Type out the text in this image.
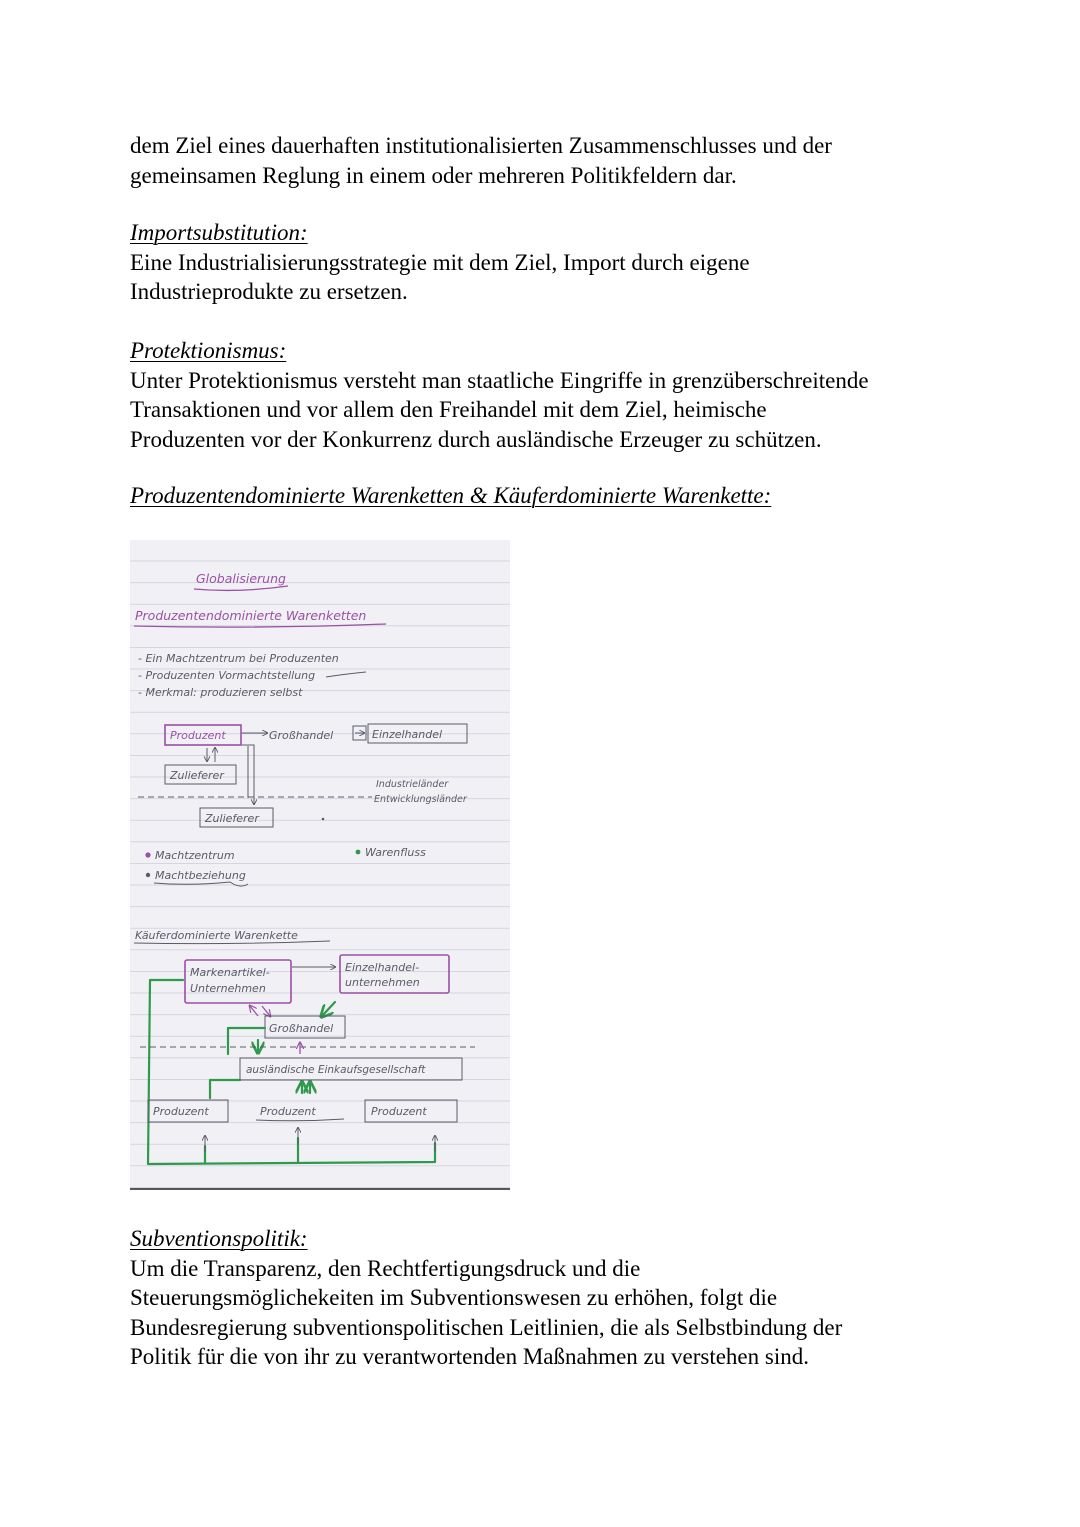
dem Ziel eines dauerhaften institutionalisierten Zusammenschlusses und der
gemeinsamen Reglung in einem oder mehreren Politikfeldern dar.
Importsubstitution:
Eine Industrialisierungsstrategie mit dem Ziel, Import durch eigene
Industrieprodukte zu ersetzen.
Protektionismus:
Unter Protektionismus versteht man staatliche Eingriffe in grenzüberschreitende
Transaktionen und vor allem den Freihandel mit dem Ziel, heimische
Produzenten vor der Konkurrenz durch ausländische Erzeuger zu schützen.
Produzentendominierte Warenketten & Käuferdominierte Warenkette:
Globalisierung
Produzentendominierte Warenketten
- Ein Machtzentrum bei Produzenten
- Produzenten Vormachtstellung
- Merkmal: produzieren selbst
Produzent	Großhandel	Einzelhandel
Zulieferer
Industrieländer
Entwicklungsländer
Zulieferer
Machtzentrum
Machtbeziehung
Warenfluss
Käuferdominierte Warenkette
Markenartikel-
Unternehmen
Einzelhandel-
unternehmen
Großhandel
ausländische Einkaufsgesellschaft
Produzent	Produzent	Produzent
Subventionspolitik:
Um die Transparenz, den Rechtfertigungsdruck und die
Steuerungsmöglichekeiten im Subventionswesen zu erhöhen, folgt die
Bundesregierung subventionspolitischen Leitlinien, die als Selbstbindung der
Politik für die von ihr zu verantwortenden Maßnahmen zu verstehen sind.
